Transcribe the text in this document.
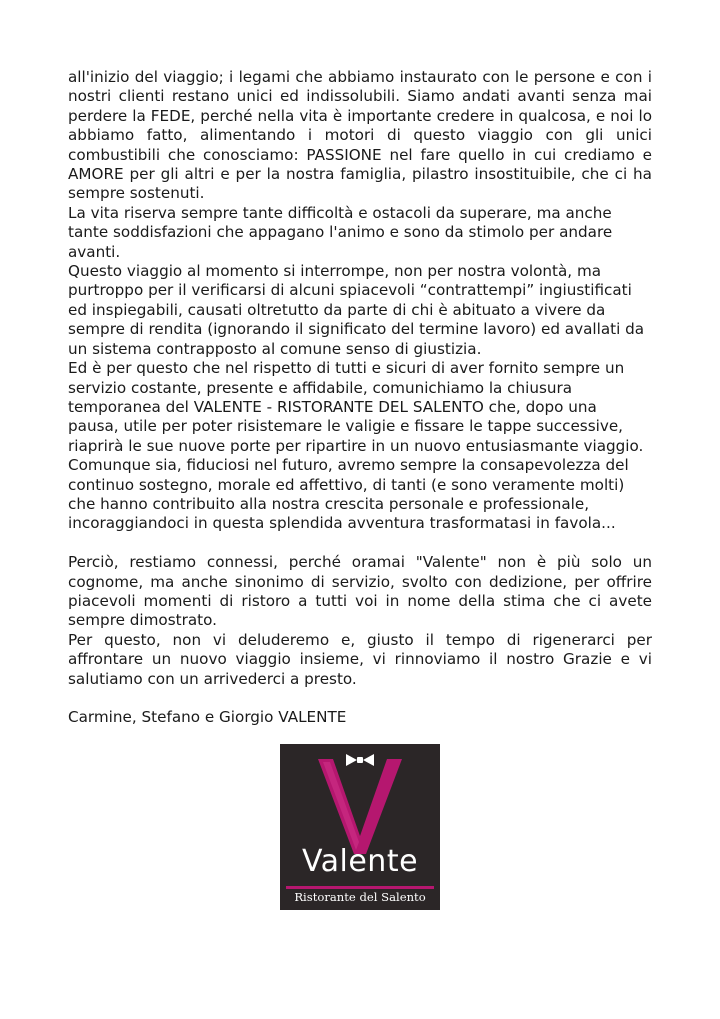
all'inizio del viaggio; i legami che abbiamo instaurato con le persone e con i nostri clienti restano unici ed indissolubili. Siamo andati avanti senza mai perdere la FEDE, perché nella vita è importante credere in qualcosa, e noi lo abbiamo fatto, alimentando i motori di questo viaggio con gli unici combustibili che conosciamo: PASSIONE nel fare quello in cui crediamo e AMORE per gli altri e per la nostra famiglia, pilastro insostituibile, che ci ha sempre sostenuti.

La vita riserva sempre tante difficoltà e ostacoli da superare, ma anche tante soddisfazioni che appagano l'animo e sono da stimolo per andare avanti.

Questo viaggio al momento si interrompe, non per nostra volontà, ma purtroppo per il verificarsi di alcuni spiacevoli “contrattempi” ingiustificati ed inspiegabili, causati oltretutto da parte di chi è abituato a vivere da sempre di rendita (ignorando il significato del termine lavoro) ed avallati da un sistema contrapposto al comune senso di giustizia.

Ed è per questo che nel rispetto di tutti e sicuri di aver fornito sempre un servizio costante, presente e affidabile, comunichiamo la chiusura temporanea del VALENTE - RISTORANTE DEL SALENTO che, dopo una pausa, utile per poter risistemare le valigie e fissare le tappe successive, riaprirà le sue nuove porte per ripartire in un nuovo entusiasmante viaggio. Comunque sia, fiduciosi nel futuro, avremo sempre la consapevolezza del continuo sostegno, morale ed affettivo, di tanti (e sono veramente molti) che hanno contribuito alla nostra crescita personale e professionale, incoraggiandoci in questa splendida avventura trasformatasi in favola...

Perciò, restiamo connessi, perché oramai "Valente" non è più solo un cognome, ma anche sinonimo di servizio, svolto con dedizione, per offrire piacevoli momenti di ristoro a tutti voi in nome della stima che ci avete sempre dimostrato.

Per questo, non vi deluderemo e, giusto il tempo di rigenerarci per affrontare un nuovo viaggio insieme, vi rinnoviamo il nostro Grazie e vi salutiamo con un arrivederci a presto.

Carmine, Stefano e Giorgio VALENTE

Valente
Ristorante del Salento
